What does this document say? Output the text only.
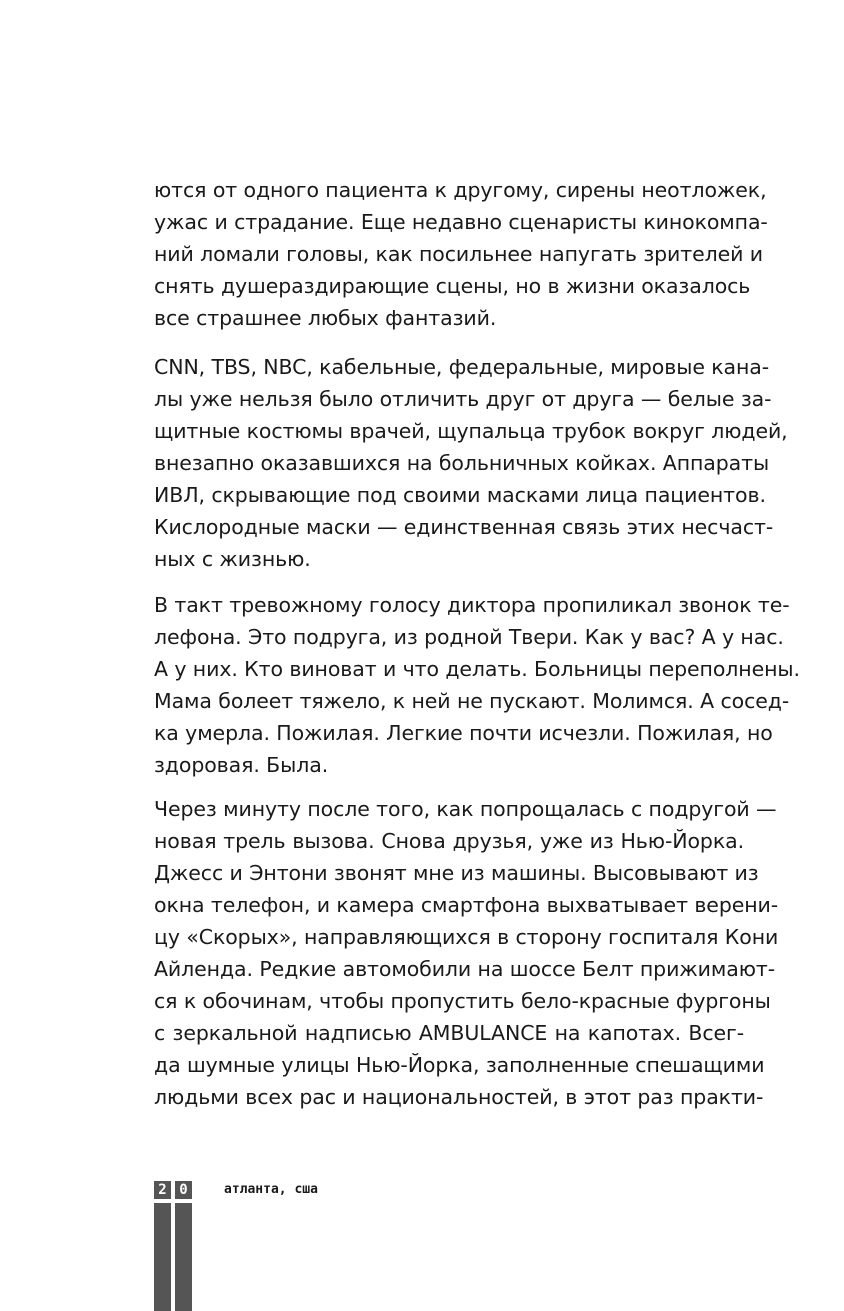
ются от одного пациента к другому, сирены неотложек,
ужас и страдание. Еще недавно сценаристы кинокомпа-
ний ломали головы, как посильнее напугать зрителей и
снять душераздирающие сцены, но в жизни оказалось
все страшнее любых фантазий.
CNN, TBS, NBC, кабельные, федеральные, мировые кана-
лы уже нельзя было отличить друг от друга — белые за-
щитные костюмы врачей, щупальца трубок вокруг людей,
внезапно оказавшихся на больничных койках. Аппараты
ИВЛ, скрывающие под своими масками лица пациентов.
Кислородные маски — единственная связь этих несчаст-
ных с жизнью.
В такт тревожному голосу диктора пропиликал звонок те-
лефона. Это подруга, из родной Твери. Как у вас? А у нас.
А у них. Кто виноват и что делать. Больницы переполнены.
Мама болеет тяжело, к ней не пускают. Молимся. А сосед-
ка умерла. Пожилая. Легкие почти исчезли. Пожилая, но
здоровая. Была.
Через минуту после того, как попрощалась с подругой —
новая трель вызова. Снова друзья, уже из Нью-Йорка.
Джесс и Энтони звонят мне из машины. Высовывают из
окна телефон, и камера смартфона выхватывает верени-
цу «Скорых», направляющихся в сторону госпиталя Кони
Айленда. Редкие автомобили на шоссе Белт прижимают-
ся к обочинам, чтобы пропустить бело-красные фургоны
с зеркальной надписью AMBULANCE на капотах. Всег-
да шумные улицы Нью-Йорка, заполненные спешащими
людьми всех рас и национальностей, в этот раз практи-
2 0	атланта, сша
